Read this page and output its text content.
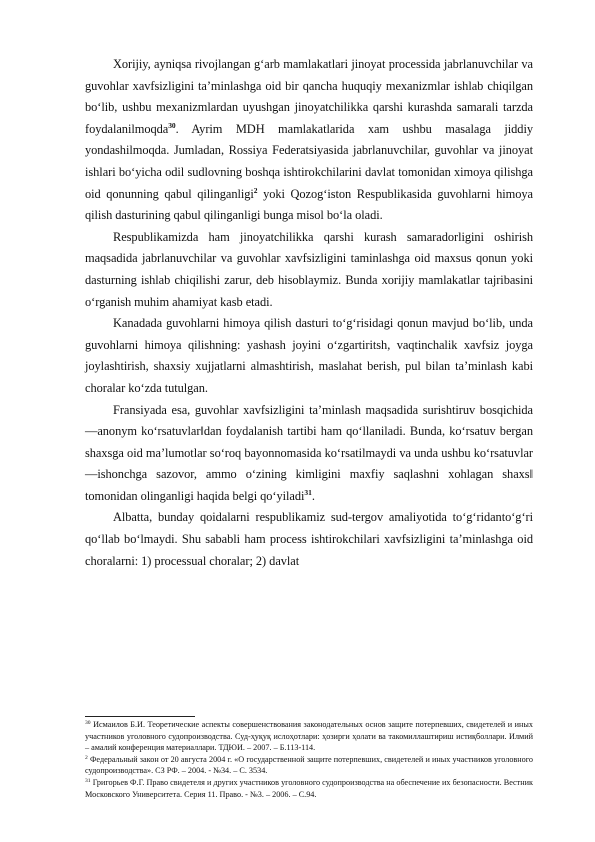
Xorijiy, ayniqsa rivojlangan g‘arb mamlakatlari jinoyat processida jabrlanuvchilar va guvohlar xavfsizligini ta’minlashga oid bir qancha huquqiy mexanizmlar ishlab chiqilgan bo‘lib, ushbu mexanizmlardan uyushgan jinoyatchilikka qarshi kurashda samarali tarzda foydalanilmoqda$^{30}$. Ayrim MDH mamlakatlarida xam ushbu masalaga jiddiy yondashilmoqda. Jumladan, Rossiya Federatsiyasida jabrlanuvchilar, guvohlar va jinoyat ishlari bo‘yicha odil sudlovning boshqa ishtirokchilarini davlat tomonidan ximoya qilishga oid qonunning qabul qilinganligi$^2$ yoki Qozog‘iston Respublikasida guvohlarni himoya qilish dasturining qabul qilinganligi bunga misol bo‘la oladi.

Respublikamizda ham jinoyatchilikka qarshi kurash samaradorligini oshirish maqsadida jabrlanuvchilar va guvohlar xavfsizligini taminlashga oid maxsus qonun yoki dasturning ishlab chiqilishi zarur, deb hisoblaymiz. Bunda xorijiy mamlakatlar tajribasini o‘rganish muhim ahamiyat kasb etadi.

Kanadada guvohlarni himoya qilish dasturi to‘g‘risidagi qonun mavjud bo‘lib, unda guvohlarni himoya qilishning: yashash joyini o‘zgartiritsh, vaqtinchalik xavfsiz joyga joylashtirish, shaxsiy xujjatlarni almashtirish, maslahat berish, pul bilan ta’minlash kabi choralar ko‘zda tutulgan.

Fransiyada esa, guvohlar xavfsizligini ta’minlash maqsadida surishtiruv bosqichida ―anonym ko‘rsatuvlar‖dan foydalanish tartibi ham qo‘llaniladi. Bunda, ko‘rsatuv bergan shaxsga oid ma’lumotlar so‘roq bayonnomasida ko‘rsatilmaydi va unda ushbu ko‘rsatuvlar ―ishonchga sazovor, ammo o‘zining kimligini maxfiy saqlashni xohlagan shaxs‖ tomonidan olinganligi haqida belgi qo‘yiladi$^{31}$.

Albatta, bunday qoidalarni respublikamiz sud-tergov amaliyotida to‘g‘ridanto‘g‘ri qo‘llab bo‘lmaydi. Shu sababli ham process ishtirokchilari xavfsizligini ta’minlashga oid choralarni: 1) processual choralar; 2) davlat

$^{30}$ Исмаилов Б.И. Теоретические аспекты совершенствования законодательных основ защите потерпевших, свидетелей и иных участников уголовного судопроизводства. Суд-ҳуқуқ ислоҳотлари: ҳозирги ҳолати ва такомиллаштириш истиқболлари. Илмий – амалий конференция материаллари. ТДЮИ. – 2007. – Б.113-114.

$^2$ Федеральный закон от 20 августа 2004 г. «О государственной защите потерпевших, свидетелей и иных участников уголовного судопроизводства». СЗ РФ. – 2004. - №34. – С. 3534.

$^{31}$ Григорьев Ф.Г. Право свидетеля и других участников уголовного судопроизводства на обеспечение их безопасности. Вестник Московского Университета. Серия 11. Право. - №3. – 2006. – С.94.
